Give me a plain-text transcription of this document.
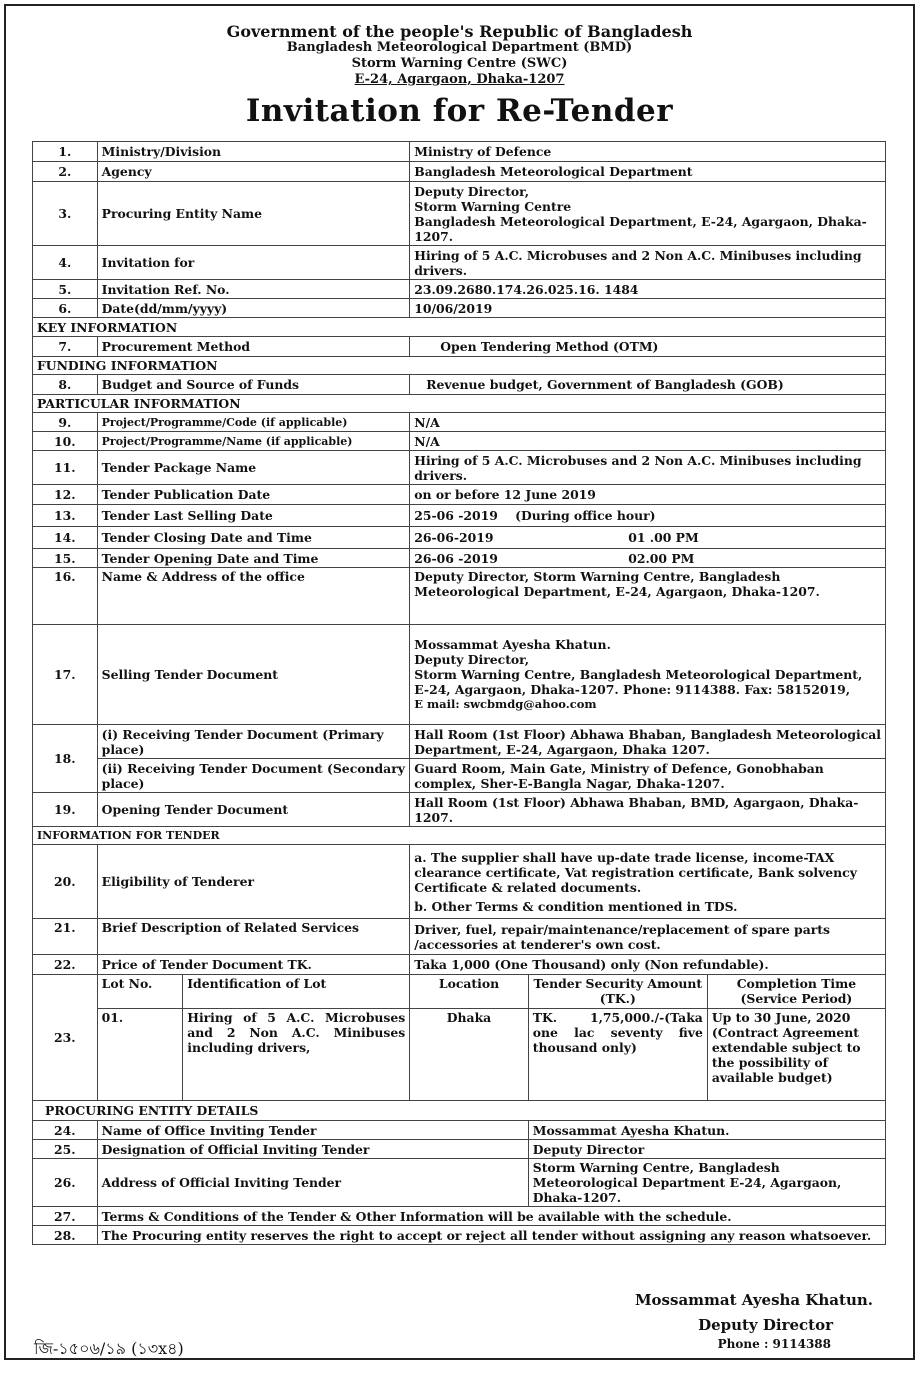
Government of the people's Republic of Bangladesh
Bangladesh Meteorological Department (BMD)
Storm Warning Centre (SWC)
E-24, Agargaon, Dhaka-1207
Invitation for Re-Tender
1.	Ministry/Division		Ministry of Defence		
2.	Agency		Bangladesh Meteorological Department		
3.	Procuring Entity Name		Deputy Director,
Storm Warning Centre
Bangladesh Meteorological Department, E-24, Agargaon, Dhaka-1207.		

4.	Invitation for		Hiring of 5 A.C. Microbuses and 2 Non A.C. Minibuses including drivers.		
5.	Invitation Ref. No.		23.09.2680.174.26.025.16. 1484		
6.	Date(dd/mm/yyyy)		10/06/2019		
KEY INFORMATION					
7.	Procurement Method		Open Tendering Method (OTM)		
FUNDING INFORMATION					
8.	Budget and Source of Funds		Revenue budget, Government of Bangladesh (GOB)		
PARTICULAR INFORMATION					
9.	Project/Programme/Code (if applicable)		N/A		
10.	Project/Programme/Name (if applicable)		N/A		
11.	Tender Package Name		Hiring of 5 A.C. Microbuses and 2 Non A.C. Minibuses including drivers.		
12.	Tender Publication Date		on or before 12 June 2019		
13.	Tender Last Selling Date		25-06 -2019 (During office hour)		
14.	Tender Closing Date and Time		26-06-2019 01 .00 PM		
15.	Tender Opening Date and Time		26-06 -2019 02.00 PM		
16.	Name & Address of the office		Deputy Director, Storm Warning Centre, Bangladesh Meteorological Department, E-24, Agargaon, Dhaka-1207.		
17.	Selling Tender Document		Mossammat Ayesha Khatun.
Deputy Director,
Storm Warning Centre, Bangladesh Meteorological Department, E-24, Agargaon, Dhaka-1207. Phone: 9114388. Fax: 58152019,
E mail: swcbmdg@ahoo.com		

18.	(i) Receiving Tender Document (Primary place)		Hall Room (1st Floor) Abhawa Bhaban, Bangladesh Meteorological Department, E-24, Agargaon, Dhaka 1207.		
	(ii) Receiving Tender Document (Secondary place)		Guard Room, Main Gate, Ministry of Defence, Gonobhaban complex, Sher-E-Bangla Nagar, Dhaka-1207.		
19.	Opening Tender Document		Hall Room (1st Floor) Abhawa Bhaban, BMD, Agargaon, Dhaka-1207.		
INFORMATION FOR TENDER					
20.	Eligibility of Tenderer		a. The supplier shall have up-date trade license, income-TAX clearance certificate, Vat registration certificate, Bank solvency Certificate & related documents.
b. Other Terms & condition mentioned in TDS.		

21.	Brief Description of Related Services		Driver, fuel, repair/maintenance/replacement of spare parts /accessories at tenderer's own cost.		
22.	Price of Tender Document TK.		Taka 1,000 (One Thousand) only (Non refundable).		
23.	Lot No.	Identification of Lot	Location	Tender Security Amount (TK.)	Completion Time (Service Period)
	01.	Hiring of 5 A.C. Microbuses and 2 Non A.C. Minibuses including drivers,	Dhaka	TK. 1,75,000./-(Taka one lac seventy five thousand only)	Up to 30 June, 2020 (Contract Agreement extendable subject to the possibility of available budget)
PROCURING ENTITY DETAILS					
24.	Name of Office Inviting Tender			Mossammat Ayesha Khatun.	
25.	Designation of Official Inviting Tender			Deputy Director	
26.	Address of Official Inviting Tender			Storm Warning Centre, Bangladesh Meteorological Department E-24, Agargaon, Dhaka-1207.	
27.	Terms & Conditions of the Tender & Other Information will be available with the schedule.				
28.	The Procuring entity reserves the right to accept or reject all tender without assigning any reason whatsoever.				
Mossammat Ayesha Khatun.
Deputy Director
Phone : 9114388
জি-১৫০৬/১৯ (১৩x৪)
